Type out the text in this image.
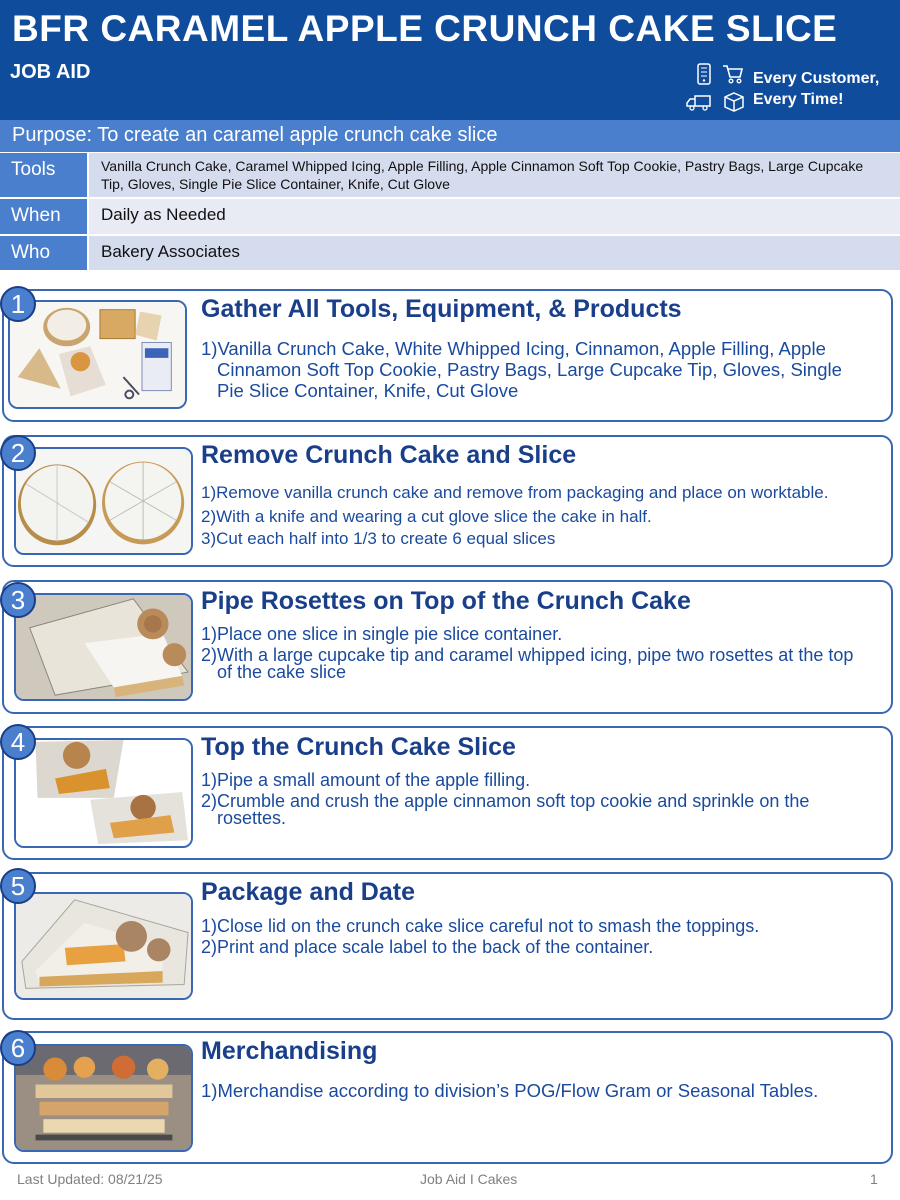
BFR CARAMEL APPLE CRUNCH CAKE SLICE
JOB AID	Every Customer,
Every Time!
Purpose: To create an caramel apple crunch cake slice
Tools	Vanilla Crunch Cake, Caramel Whipped Icing, Apple Filling, Apple Cinnamon Soft Top Cookie, Pastry Bags, Large Cupcake Tip, Gloves, Single Pie Slice Container, Knife, Cut Glove
When	Daily as Needed
Who	Bakery Associates
1	Gather All Tools, Equipment, & Products
1)Vanilla Crunch Cake, White Whipped Icing, Cinnamon, Apple Filling, Apple Cinnamon Soft Top Cookie, Pastry Bags, Large Cupcake Tip, Gloves, Single Pie Slice Container, Knife, Cut Glove
2	Remove Crunch Cake and Slice
1)Remove vanilla crunch cake and remove from packaging and place on worktable.
2)With a knife and wearing a cut glove slice the cake in half.
3)Cut each half into 1/3 to create 6 equal slices
3	Pipe Rosettes on Top of the Crunch Cake
1)Place one slice in single pie slice container.
2)With a large cupcake tip and caramel whipped icing, pipe two rosettes at the top of the cake slice
4	Top the Crunch Cake Slice
1)Pipe a small amount of the apple filling.
2)Crumble and crush the apple cinnamon soft top cookie and sprinkle on the rosettes.
5	Package and Date
1)Close lid on the crunch cake slice careful not to smash the toppings.
2)Print and place scale label to the back of the container.
6	Merchandising
1)Merchandise according to division’s POG/Flow Gram or Seasonal Tables.
Last Updated: 08/21/25	Job Aid I Cakes	1
